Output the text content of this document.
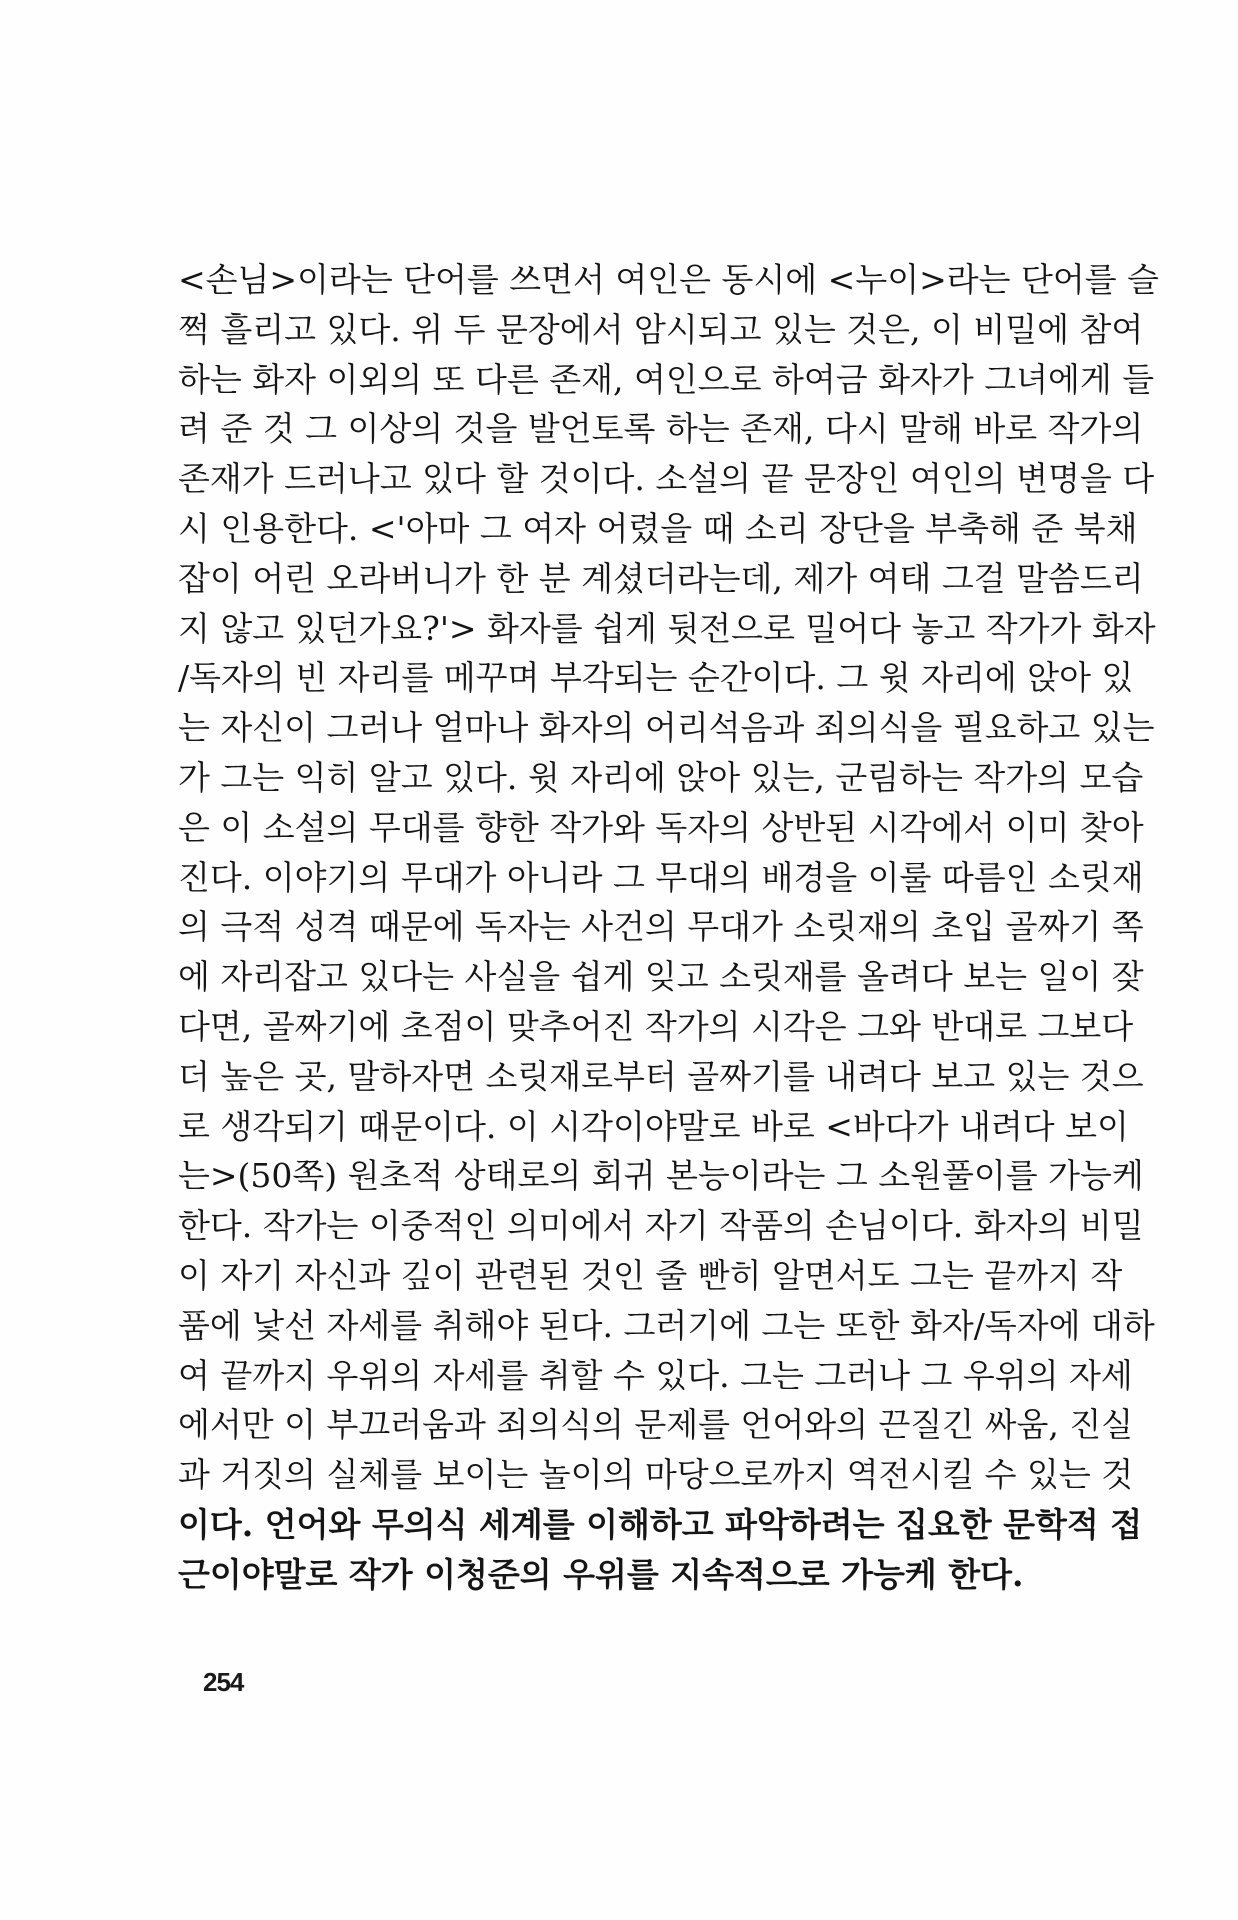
<손님>이라는 단어를 쓰면서 여인은 동시에 <누이>라는 단어를 슬
쩍 흘리고 있다. 위 두 문장에서 암시되고 있는 것은, 이 비밀에 참여
하는 화자 이외의 또 다른 존재, 여인으로 하여금 화자가 그녀에게 들
려 준 것 그 이상의 것을 발언토록 하는 존재, 다시 말해 바로 작가의
존재가 드러나고 있다 할 것이다. 소설의 끝 문장인 여인의 변명을 다
시 인용한다. <'아마 그 여자 어렸을 때 소리 장단을 부축해 준 북채
잡이 어린 오라버니가 한 분 계셨더라는데, 제가 여태 그걸 말씀드리
지 않고 있던가요?'> 화자를 쉽게 뒷전으로 밀어다 놓고 작가가 화자
/독자의 빈 자리를 메꾸며 부각되는 순간이다. 그 윗 자리에 앉아 있
는 자신이 그러나 얼마나 화자의 어리석음과 죄의식을 필요하고 있는
가 그는 익히 알고 있다. 윗 자리에 앉아 있는, 군림하는 작가의 모습
은 이 소설의 무대를 향한 작가와 독자의 상반된 시각에서 이미 찾아
진다. 이야기의 무대가 아니라 그 무대의 배경을 이룰 따름인 소릿재
의 극적 성격 때문에 독자는 사건의 무대가 소릿재의 초입 골짜기 쪽
에 자리잡고 있다는 사실을 쉽게 잊고 소릿재를 올려다 보는 일이 잦
다면, 골짜기에 초점이 맞추어진 작가의 시각은 그와 반대로 그보다
더 높은 곳, 말하자면 소릿재로부터 골짜기를 내려다 보고 있는 것으
로 생각되기 때문이다. 이 시각이야말로 바로 <바다가 내려다 보이
는>(50쪽) 원초적 상태로의 회귀 본능이라는 그 소원풀이를 가능케
한다. 작가는 이중적인 의미에서 자기 작품의 손님이다. 화자의 비밀
이 자기 자신과 깊이 관련된 것인 줄 빤히 알면서도 그는 끝까지 작
품에 낯선 자세를 취해야 된다. 그러기에 그는 또한 화자/독자에 대하
여 끝까지 우위의 자세를 취할 수 있다. 그는 그러나 그 우위의 자세
에서만 이 부끄러움과 죄의식의 문제를 언어와의 끈질긴 싸움, 진실
과 거짓의 실체를 보이는 놀이의 마당으로까지 역전시킬 수 있는 것
이다. 언어와 무의식 세계를 이해하고 파악하려는 집요한 문학적 접
근이야말로 작가 이청준의 우위를 지속적으로 가능케 한다.
254
